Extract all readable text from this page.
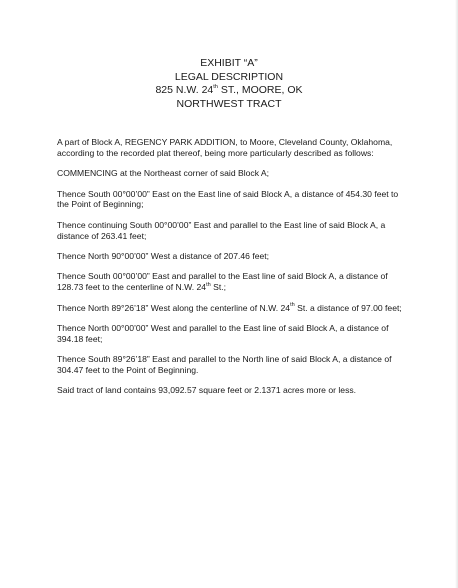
EXHIBIT “A”
LEGAL DESCRIPTION
825 N.W. 24th ST., MOORE, OK
NORTHWEST TRACT

A part of Block A, REGENCY PARK ADDITION, to Moore, Cleveland County, Oklahoma, according to the recorded plat thereof, being more particularly described as follows:

COMMENCING at the Northeast corner of said Block A;

Thence South 00°00’00” East on the East line of said Block A, a distance of 454.30 feet to the Point of Beginning;

Thence continuing South 00°00’00” East and parallel to the East line of said Block A, a distance of 263.41 feet;

Thence North 90°00’00” West a distance of 207.46 feet;

Thence South 00°00’00” East and parallel to the East line of said Block A, a distance of 128.73 feet to the centerline of N.W. 24th St.;

Thence North 89°26’18” West along the centerline of N.W. 24th St. a distance of 97.00 feet;

Thence North 00°00’00” West and parallel to the East line of said Block A, a distance of 394.18 feet;

Thence South 89°26’18” East and parallel to the North line of said Block A, a distance of 304.47 feet to the Point of Beginning.

Said tract of land contains 93,092.57 square feet or 2.1371 acres more or less.
